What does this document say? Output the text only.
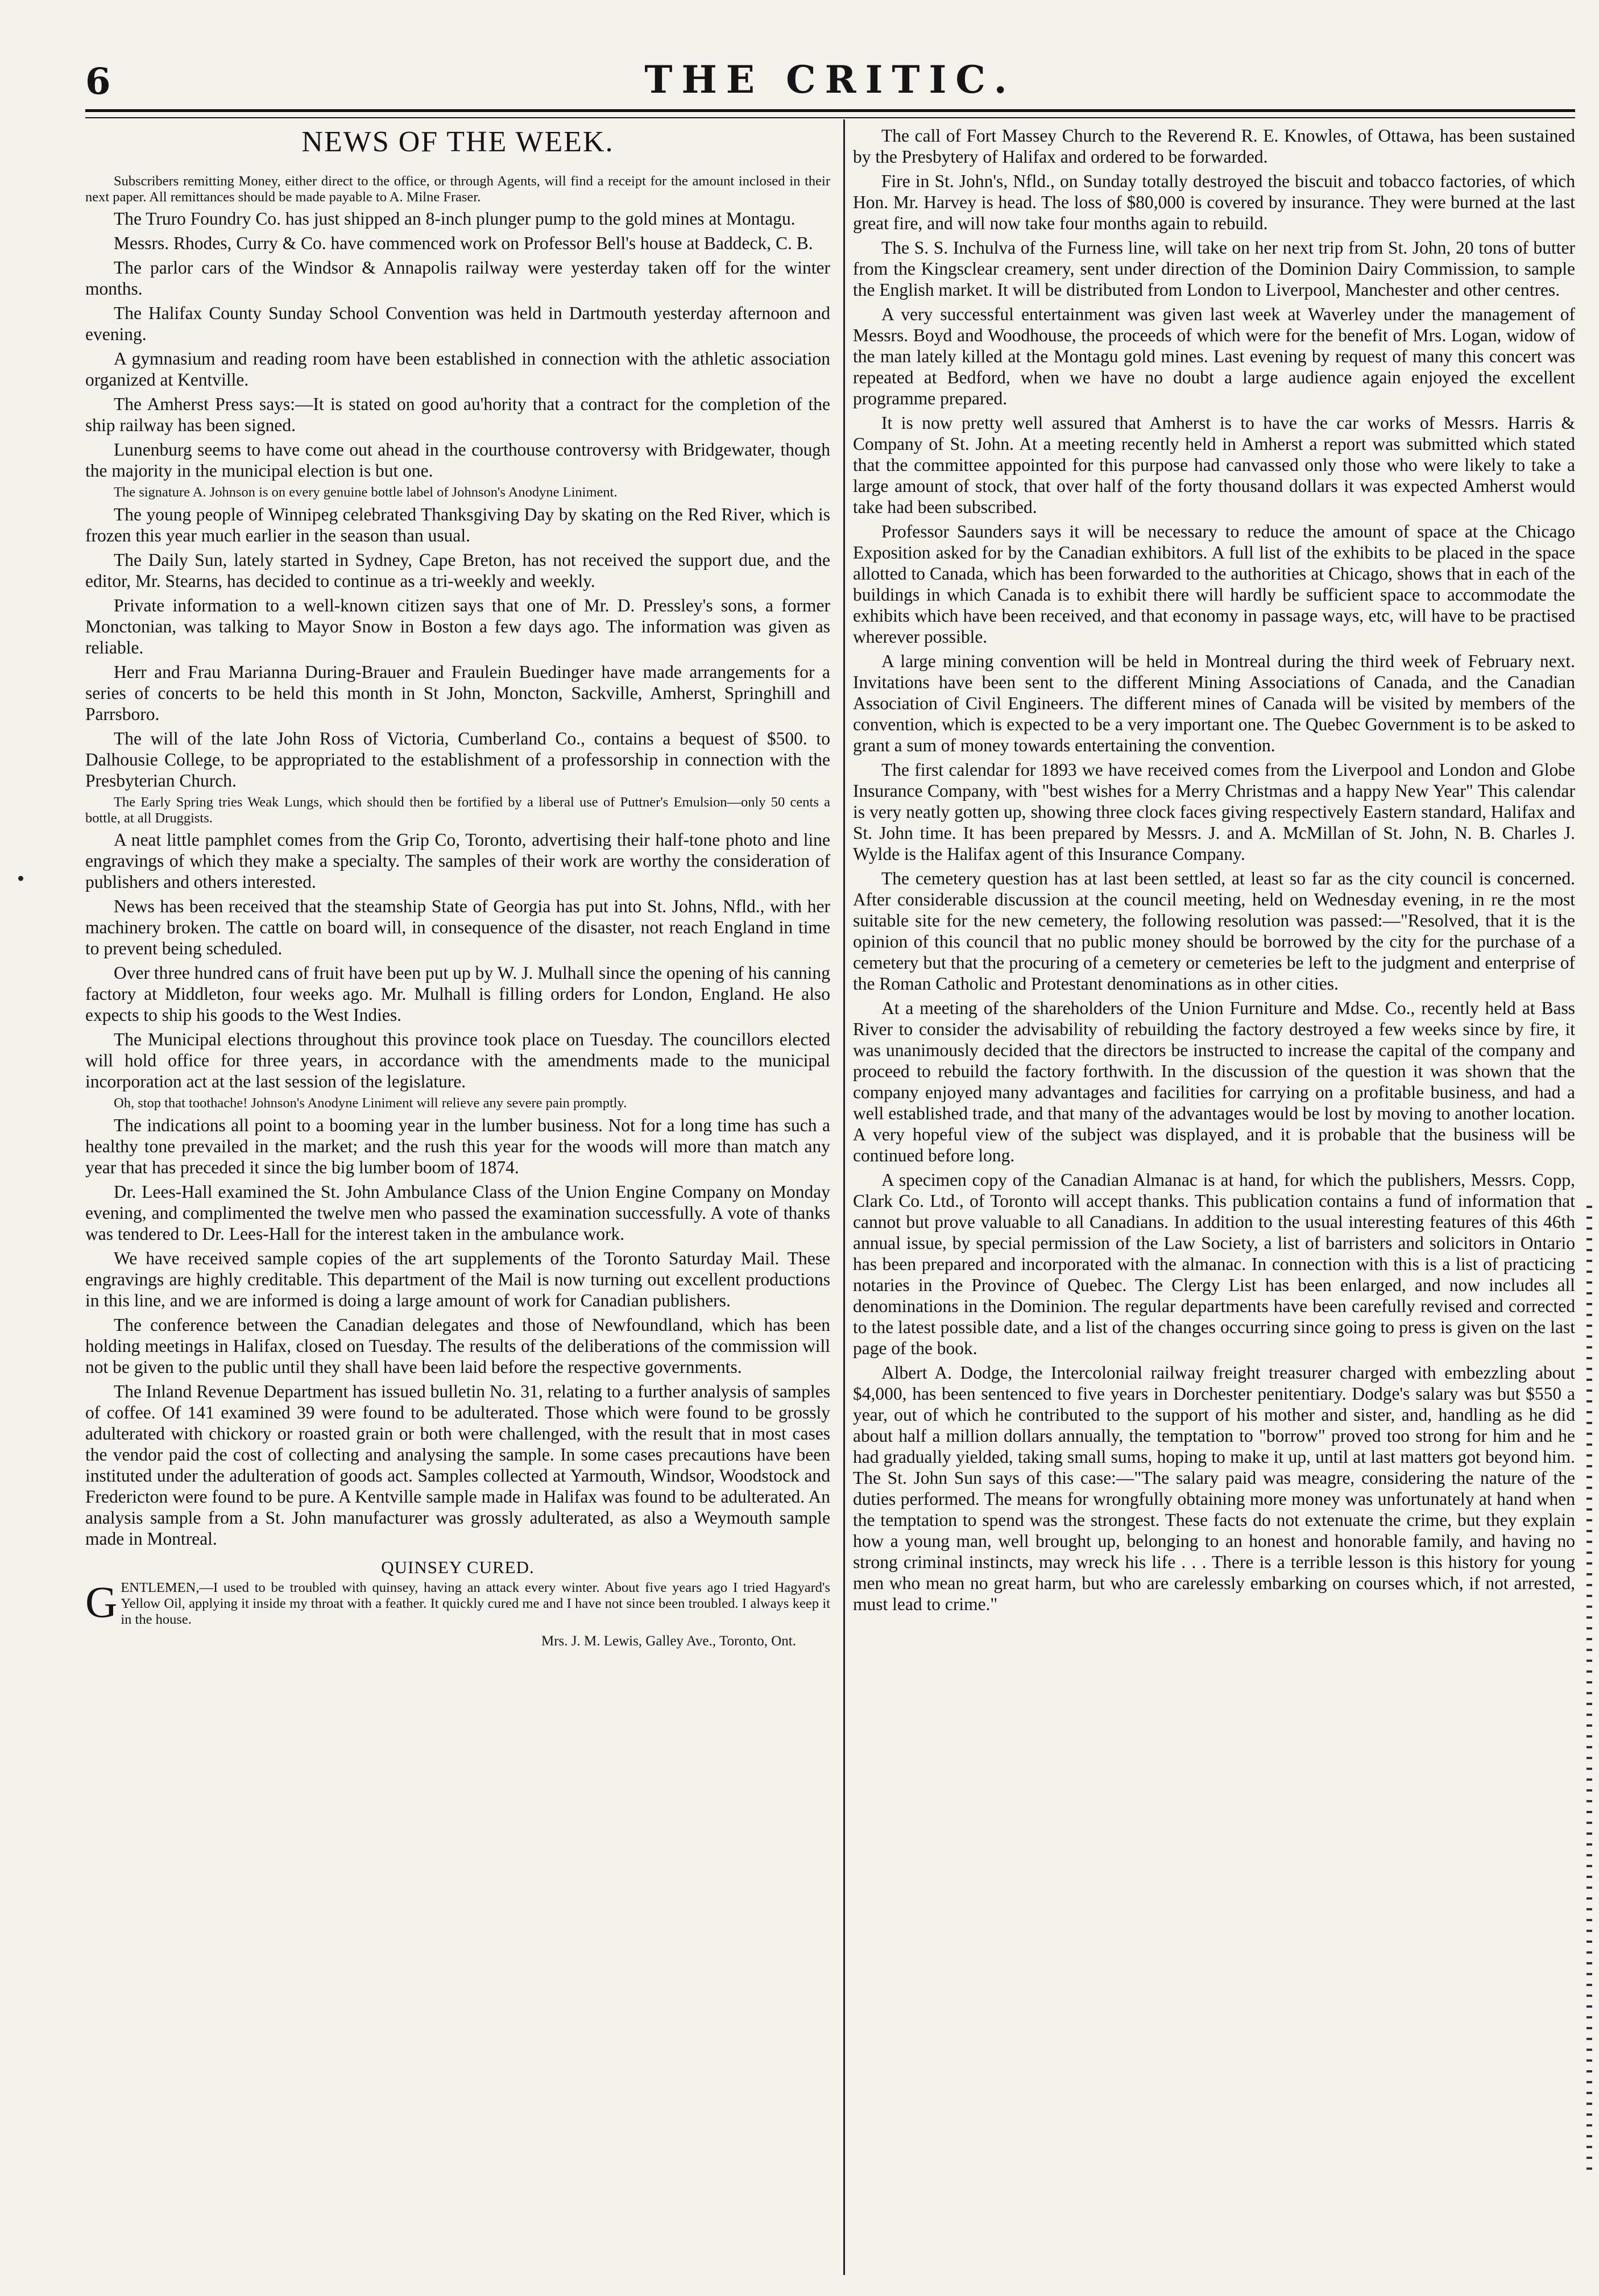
6	THE CRITIC.
NEWS OF THE WEEK.

Subscribers remitting Money, either direct to the office, or through Agents, will find a receipt for the amount inclosed in their next paper. All remittances should be made payable to A. Milne Fraser.

The Truro Foundry Co. has just shipped an 8-inch plunger pump to the gold mines at Montagu.

Messrs. Rhodes, Curry & Co. have commenced work on Professor Bell's house at Baddeck, C. B.

The parlor cars of the Windsor & Annapolis railway were yesterday taken off for the winter months.

The Halifax County Sunday School Convention was held in Dartmouth yesterday afternoon and evening.

A gymnasium and reading room have been established in connection with the athletic association organized at Kentville.

The Amherst Press says:—It is stated on good au'hority that a contract for the completion of the ship railway has been signed.

Lunenburg seems to have come out ahead in the courthouse controversy with Bridgewater, though the majority in the municipal election is but one.

The signature A. Johnson is on every genuine bottle label of Johnson's Anodyne Liniment.

The young people of Winnipeg celebrated Thanksgiving Day by skating on the Red River, which is frozen this year much earlier in the season than usual.

The Daily Sun, lately started in Sydney, Cape Breton, has not received the support due, and the editor, Mr. Stearns, has decided to continue as a tri-weekly and weekly.

Private information to a well-known citizen says that one of Mr. D. Pressley's sons, a former Monctonian, was talking to Mayor Snow in Boston a few days ago. The information was given as reliable.

Herr and Frau Marianna During-Brauer and Fraulein Buedinger have made arrangements for a series of concerts to be held this month in St John, Moncton, Sackville, Amherst, Springhill and Parrsboro.

The will of the late John Ross of Victoria, Cumberland Co., contains a bequest of $500. to Dalhousie College, to be appropriated to the establishment of a professorship in connection with the Presbyterian Church.

The Early Spring tries Weak Lungs, which should then be fortified by a liberal use of Puttner's Emulsion—only 50 cents a bottle, at all Druggists.

A neat little pamphlet comes from the Grip Co, Toronto, advertising their half-tone photo and line engravings of which they make a specialty. The samples of their work are worthy the consideration of publishers and others interested.

News has been received that the steamship State of Georgia has put into St. Johns, Nfld., with her machinery broken. The cattle on board will, in consequence of the disaster, not reach England in time to prevent being scheduled.

Over three hundred cans of fruit have been put up by W. J. Mulhall since the opening of his canning factory at Middleton, four weeks ago. Mr. Mulhall is filling orders for London, England. He also expects to ship his goods to the West Indies.

The Municipal elections throughout this province took place on Tuesday. The councillors elected will hold office for three years, in accordance with the amendments made to the municipal incorporation act at the last session of the legislature.

Oh, stop that toothache! Johnson's Anodyne Liniment will relieve any severe pain promptly.

The indications all point to a booming year in the lumber business. Not for a long time has such a healthy tone prevailed in the market; and the rush this year for the woods will more than match any year that has preceded it since the big lumber boom of 1874.

Dr. Lees-Hall examined the St. John Ambulance Class of the Union Engine Company on Monday evening, and complimented the twelve men who passed the examination successfully. A vote of thanks was tendered to Dr. Lees-Hall for the interest taken in the ambulance work.

We have received sample copies of the art supplements of the Toronto Saturday Mail. These engravings are highly creditable. This department of the Mail is now turning out excellent productions in this line, and we are informed is doing a large amount of work for Canadian publishers.

The conference between the Canadian delegates and those of Newfoundland, which has been holding meetings in Halifax, closed on Tuesday. The results of the deliberations of the commission will not be given to the public until they shall have been laid before the respective governments.

The Inland Revenue Department has issued bulletin No. 31, relating to a further analysis of samples of coffee. Of 141 examined 39 were found to be adulterated. Those which were found to be grossly adulterated with chickory or roasted grain or both were challenged, with the result that in most cases the vendor paid the cost of collecting and analysing the sample. In some cases precautions have been instituted under the adulteration of goods act. Samples collected at Yarmouth, Windsor, Woodstock and Fredericton were found to be pure. A Kentville sample made in Halifax was found to be adulterated. An analysis sample from a St. John manufacturer was grossly adulterated, as also a Weymouth sample made in Montreal.

QUINSEY CURED.

GENTLEMEN,—I used to be troubled with quinsey, having an attack every winter. About five years ago I tried Hagyard's Yellow Oil, applying it inside my throat with a feather. It quickly cured me and I have not since been troubled. I always keep it in the house.

Mrs. J. M. Lewis, Galley Ave., Toronto, Ont.

The call of Fort Massey Church to the Reverend R. E. Knowles, of Ottawa, has been sustained by the Presbytery of Halifax and ordered to be forwarded.

Fire in St. John's, Nfld., on Sunday totally destroyed the biscuit and tobacco factories, of which Hon. Mr. Harvey is head. The loss of $80,000 is covered by insurance. They were burned at the last great fire, and will now take four months again to rebuild.

The S. S. Inchulva of the Furness line, will take on her next trip from St. John, 20 tons of butter from the Kingsclear creamery, sent under direction of the Dominion Dairy Commission, to sample the English market. It will be distributed from London to Liverpool, Manchester and other centres.

A very successful entertainment was given last week at Waverley under the management of Messrs. Boyd and Woodhouse, the proceeds of which were for the benefit of Mrs. Logan, widow of the man lately killed at the Montagu gold mines. Last evening by request of many this concert was repeated at Bedford, when we have no doubt a large audience again enjoyed the excellent programme prepared.

It is now pretty well assured that Amherst is to have the car works of Messrs. Harris & Company of St. John. At a meeting recently held in Amherst a report was submitted which stated that the committee appointed for this purpose had canvassed only those who were likely to take a large amount of stock, that over half of the forty thousand dollars it was expected Amherst would take had been subscribed.

Professor Saunders says it will be necessary to reduce the amount of space at the Chicago Exposition asked for by the Canadian exhibitors. A full list of the exhibits to be placed in the space allotted to Canada, which has been forwarded to the authorities at Chicago, shows that in each of the buildings in which Canada is to exhibit there will hardly be sufficient space to accommodate the exhibits which have been received, and that economy in passage ways, etc, will have to be practised wherever possible.

A large mining convention will be held in Montreal during the third week of February next. Invitations have been sent to the different Mining Associations of Canada, and the Canadian Association of Civil Engineers. The different mines of Canada will be visited by members of the convention, which is expected to be a very important one. The Quebec Government is to be asked to grant a sum of money towards entertaining the convention.

The first calendar for 1893 we have received comes from the Liverpool and London and Globe Insurance Company, with "best wishes for a Merry Christmas and a happy New Year" This calendar is very neatly gotten up, showing three clock faces giving respectively Eastern standard, Halifax and St. John time. It has been prepared by Messrs. J. and A. McMillan of St. John, N. B. Charles J. Wylde is the Halifax agent of this Insurance Company.

The cemetery question has at last been settled, at least so far as the city council is concerned. After considerable discussion at the council meeting, held on Wednesday evening, in re the most suitable site for the new cemetery, the following resolution was passed:—"Resolved, that it is the opinion of this council that no public money should be borrowed by the city for the purchase of a cemetery but that the procuring of a cemetery or cemeteries be left to the judgment and enterprise of the Roman Catholic and Protestant denominations as in other cities.

At a meeting of the shareholders of the Union Furniture and Mdse. Co., recently held at Bass River to consider the advisability of rebuilding the factory destroyed a few weeks since by fire, it was unanimously decided that the directors be instructed to increase the capital of the company and proceed to rebuild the factory forthwith. In the discussion of the question it was shown that the company enjoyed many advantages and facilities for carrying on a profitable business, and had a well established trade, and that many of the advantages would be lost by moving to another location. A very hopeful view of the subject was displayed, and it is probable that the business will be continued before long.

A specimen copy of the Canadian Almanac is at hand, for which the publishers, Messrs. Copp, Clark Co. Ltd., of Toronto will accept thanks. This publication contains a fund of information that cannot but prove valuable to all Canadians. In addition to the usual interesting features of this 46th annual issue, by special permission of the Law Society, a list of barristers and solicitors in Ontario has been prepared and incorporated with the almanac. In connection with this is a list of practicing notaries in the Province of Quebec. The Clergy List has been enlarged, and now includes all denominations in the Dominion. The regular departments have been carefully revised and corrected to the latest possible date, and a list of the changes occurring since going to press is given on the last page of the book.

Albert A. Dodge, the Intercolonial railway freight treasurer charged with embezzling about $4,000, has been sentenced to five years in Dorchester penitentiary. Dodge's salary was but $550 a year, out of which he contributed to the support of his mother and sister, and, handling as he did about half a million dollars annually, the temptation to "borrow" proved too strong for him and he had gradually yielded, taking small sums, hoping to make it up, until at last matters got beyond him. The St. John Sun says of this case:—"The salary paid was meagre, considering the nature of the duties performed. The means for wrongfully obtaining more money was unfortunately at hand when the temptation to spend was the strongest. These facts do not extenuate the crime, but they explain how a young man, well brought up, belonging to an honest and honorable family, and having no strong criminal instincts, may wreck his life . . . There is a terrible lesson is this history for young men who mean no great harm, but who are carelessly embarking on courses which, if not arrested, must lead to crime."
